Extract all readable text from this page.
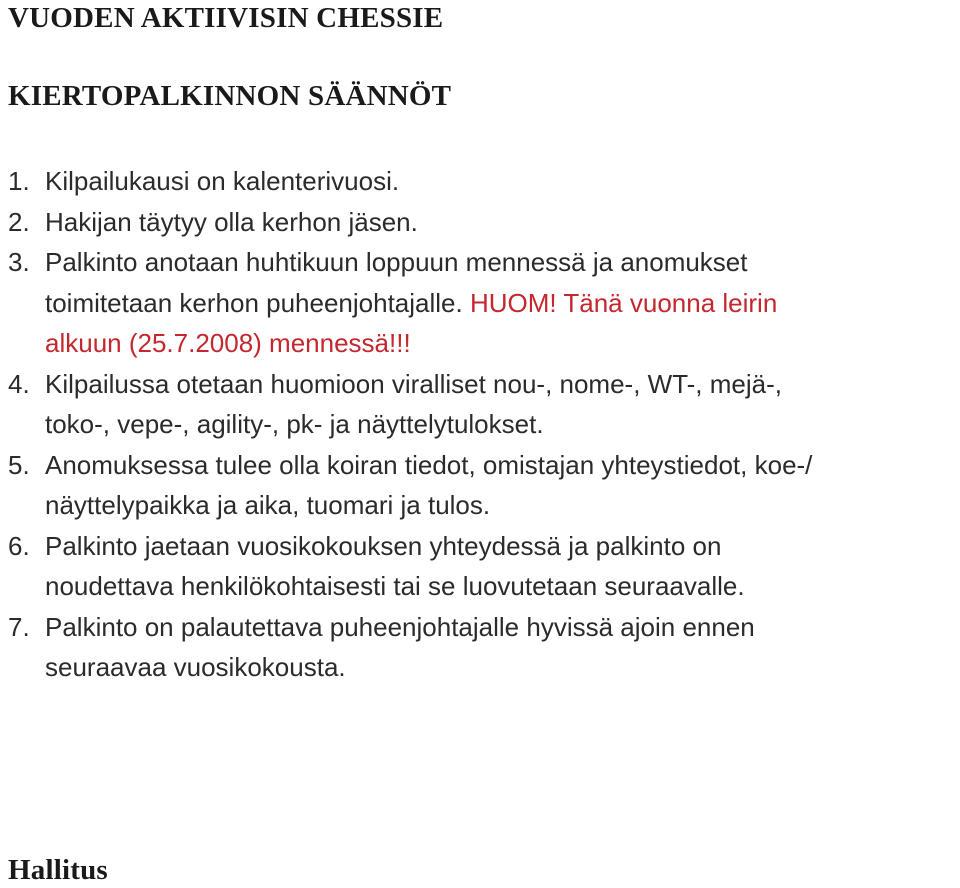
VUODEN AKTIIVISIN CHESSIE
KIERTOPALKINNON SÄÄNNÖT
1. Kilpailukausi on kalenterivuosi.
2. Hakijan täytyy olla kerhon jäsen.
3. Palkinto anotaan huhtikuun loppuun mennessä ja anomukset
toimitetaan kerhon puheenjohtajalle. HUOM! Tänä vuonna leirin
alkuun (25.7.2008) mennessä!!!
4. Kilpailussa otetaan huomioon viralliset nou-, nome-, WT-, mejä-,
toko-, vepe-, agility-, pk- ja näyttelytulokset.
5. Anomuksessa tulee olla koiran tiedot, omistajan yhteystiedot, koe-/
näyttelypaikka ja aika, tuomari ja tulos.
6. Palkinto jaetaan vuosikokouksen yhteydessä ja palkinto on
noudettava henkilökohtaisesti tai se luovutetaan seuraavalle.
7. Palkinto on palautettava puheenjohtajalle hyvissä ajoin ennen
seuraavaa vuosikokousta.
Hallitus
